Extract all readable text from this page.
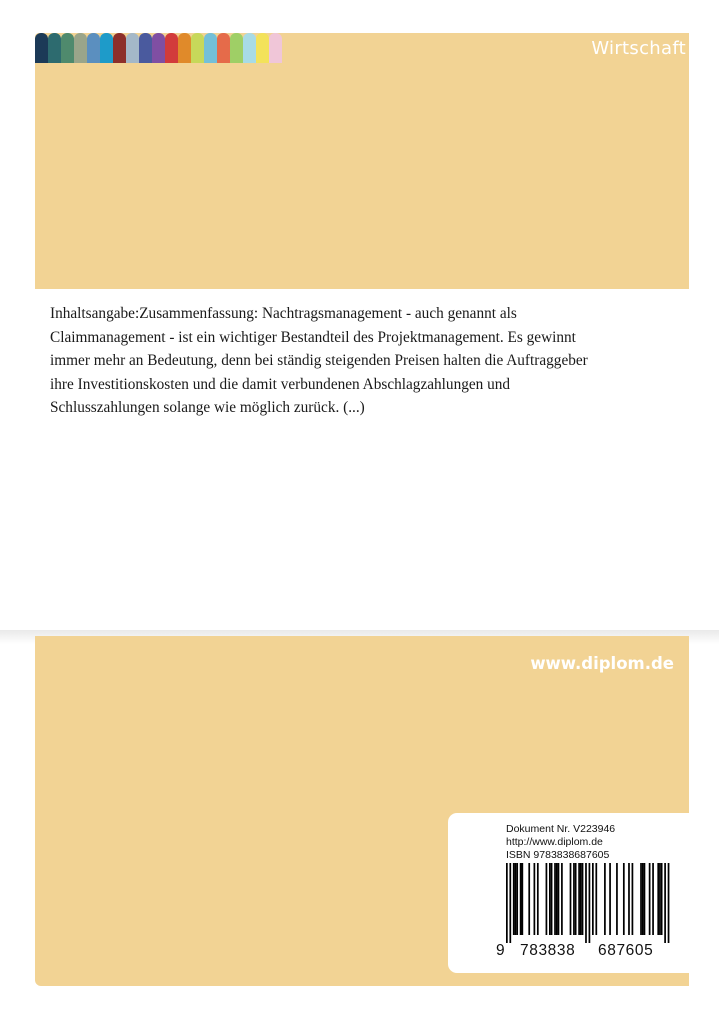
Wirtschaft
Inhaltsangabe:Zusammenfassung: Nachtragsmanagement - auch genannt als
Claimmanagement - ist ein wichtiger Bestandteil des Projektmanagement. Es gewinnt
immer mehr an Bedeutung, denn bei ständig steigenden Preisen halten die Auftraggeber
ihre Investitionskosten und die damit verbundenen Abschlagzahlungen und
Schlusszahlungen solange wie möglich zurück. (...)
www.diplom.de
Dokument Nr. V223946
http://www.diplom.de
ISBN 9783838687605
9 783838 687605
